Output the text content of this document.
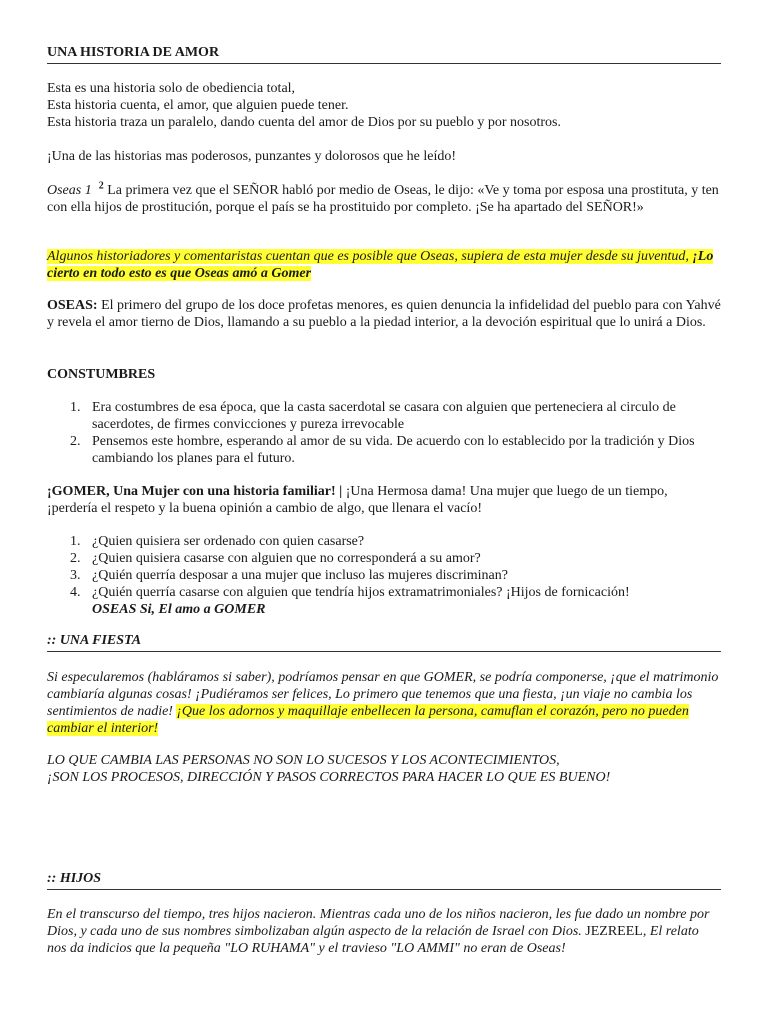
UNA HISTORIA DE AMOR

Esta es una historia solo de obediencia total,

Esta historia cuenta, el amor, que alguien puede tener.

Esta historia traza un paralelo, dando cuenta del amor de Dios por su pueblo y por nosotros.

¡Una de las historias mas poderosos, punzantes y dolorosos que he leído!

Oseas 1 $^2$ La primera vez que el SEÑOR habló por medio de Oseas, le dijo: «Ve y toma por esposa una prostituta, y ten con ella hijos de prostitución, porque el país se ha prostituido por completo. ¡Se ha apartado del SEÑOR!»

Algunos historiadores y comentaristas cuentan que es posible que Oseas, supiera de esta mujer desde su juventud, ¡Lo cierto en todo esto es que Oseas amó a Gomer

OSEAS: El primero del grupo de los doce profetas menores, es quien denuncia la infidelidad del pueblo para con Yahvé y revela el amor tierno de Dios, llamando a su pueblo a la piedad interior, a la devoción espiritual que lo unirá a Dios.

CONSTUMBRES
1. Era costumbres de esa época, que la casta sacerdotal se casara con alguien que perteneciera al circulo de sacerdotes, de firmes convicciones y pureza irrevocable
2. Pensemos este hombre, esperando al amor de su vida. De acuerdo con lo establecido por la tradición y Dios cambiando los planes para el futuro.

¡GOMER, Una Mujer con una historia familiar! | ¡Una Hermosa dama! Una mujer que luego de un tiempo, ¡perdería el respeto y la buena opinión a cambio de algo, que llenara el vacío!

1. ¿Quien quisiera ser ordenado con quien casarse?
2. ¿Quien quisiera casarse con alguien que no corresponderá a su amor?
3. ¿Quién querría desposar a una mujer que incluso las mujeres discriminan?
4. ¿Quién querría casarse con alguien que tendría hijos extramatrimoniales? ¡Hijos de fornicación!
OSEAS Si, El amo a GOMER
:: UNA FIESTA

Si especularemos (habláramos si saber), podríamos pensar en que GOMER, se podría componerse, ¡que el matrimonio cambiaría algunas cosas! ¡Pudiéramos ser felices, Lo primero que tenemos que una fiesta, ¡un viaje no cambia los sentimientos de nadie! ¡Que los adornos y maquillaje enbellecen la persona, camuflan el corazón, pero no pueden cambiar el interior!

LO QUE CAMBIA LAS PERSONAS NO SON LO SUCESOS Y LOS ACONTECIMIENTOS,

¡SON LOS PROCESOS, DIRECCIÓN Y PASOS CORRECTOS PARA HACER LO QUE ES BUENO!

:: HIJOS

En el transcurso del tiempo, tres hijos nacieron. Mientras cada uno de los niños nacieron, les fue dado un nombre por Dios, y cada uno de sus nombres simbolizaban algún aspecto de la relación de Israel con Dios. JEZREEL, El relato nos da indicios que la pequeña "LO RUHAMA" y el travieso "LO AMMI" no eran de Oseas!
